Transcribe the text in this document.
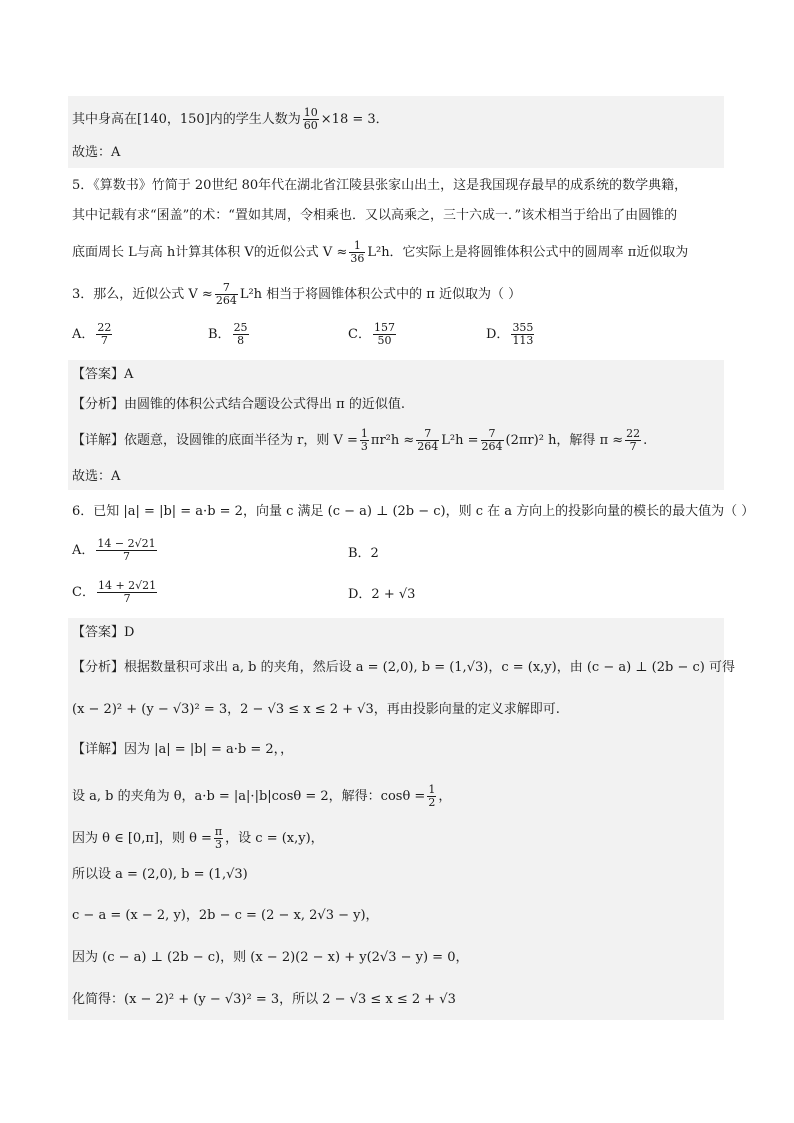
其中身高在[140，150]内的学生人数为 $\frac{10}{60} \times 18 = 3$．
故选：A
5．《算数书》竹简于 20世纪 80年代在湖北省江陵县张家山出土，这是我国现存最早的成系统的数学典籍，
其中记载有求“囷盖”的术：“置如其周，令相乘也．又以高乘之，三十六成一．”该术相当于给出了由圆锥的
底面周长 L与高 h计算其体积 V的近似公式 $V \approx \frac{1}{36} L^2h$．它实际上是将圆锥体积公式中的圆周率 π近似取为
3．那么，近似公式 $V \approx \frac{7}{264} L^2h$ 相当于将圆锥体积公式中的 π 近似取为（ ）
A． $\frac{22}{7}$	B． $\frac{25}{8}$	C． $\frac{157}{50}$	D． $\frac{355}{113}$
【答案】A
【分析】由圆锥的体积公式结合题设公式得出 π 的近似值.
【详解】依题意，设圆锥的底面半径为 r，则 $V = \frac{1}{3} \pi r^2h \approx \frac{7}{264} L^2h = \frac{7}{264} (2\pi r)^2$ h，解得 $\pi \approx \frac{22}{7}$ .
故选：A
6．已知 |a| = |b| = a·b = 2，向量 c 满足 (c − a) ⊥ (2b − c)，则 c 在 a 方向上的投影向量的模长的最大值为（ ）
A． $\frac{14 - 2√21}{7}$	B．2
C． $\frac{14 + 2√21}{7}$	D．2 + √3
【答案】D
【分析】根据数量积可求出 a, b 的夹角，然后设 a = (2,0), b = (1,√3)，c = (x,y)，由 (c − a) ⊥ (2b − c) 可得
(x − 2)² + (y − √3)² = 3，2 − √3 ≤ x ≤ 2 + √3，再由投影向量的定义求解即可.
【详解】因为 |a| = |b| = a·b = 2，，
设 a, b 的夹角为 θ，a·b = |a|·|b|cosθ = 2，解得：$\cos\theta = \frac{1}{2}$ ，
因为 θ ∈ [0,π]，则 $\theta = \frac{\pi}{3}$ ，设 c = (x,y)，
所以设 a = (2,0), b = (1,√3)
c − a = (x − 2, y)，2b − c = (2 − x, 2√3 − y)，
因为 (c − a) ⊥ (2b − c)，则 (x − 2)(2 − x) + y(2√3 − y) = 0，
化简得：(x − 2)² + (y − √3)² = 3，所以 2 − √3 ≤ x ≤ 2 + √3
